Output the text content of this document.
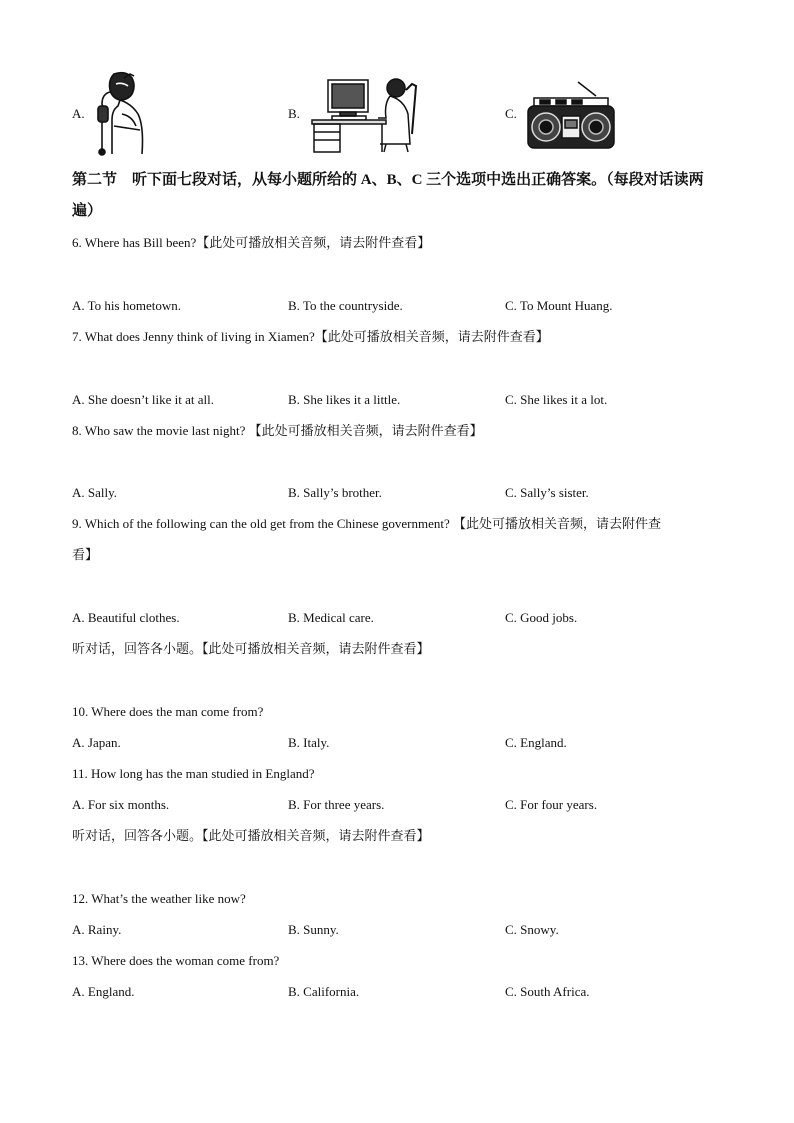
A.	B.	C.
第二节　听下面七段对话，从每小题所给的 A、B、C 三个选项中选出正确答案。（每段对话读两遍）
6. Where has Bill been?【此处可播放相关音频，请去附件查看】
A. To his hometown.	B. To the countryside.	C. To Mount Huang.
7. What does Jenny think of living in Xiamen?【此处可播放相关音频，请去附件查看】
A. She doesn’t like it at all.	B. She likes it a little.	C. She likes it a lot.
8. Who saw the movie last night? 【此处可播放相关音频，请去附件查看】
A. Sally.	B. Sally’s brother.	C. Sally’s sister.
9. Which of the following can the old get from the Chinese government? 【此处可播放相关音频，请去附件查
看】
A. Beautiful clothes.	B. Medical care.	C. Good jobs.
听对话，回答各小题。【此处可播放相关音频，请去附件查看】
10. Where does the man come from?
A. Japan.	B. Italy.	C. England.
11. How long has the man studied in England?
A. For six months.	B. For three years.	C. For four years.
听对话，回答各小题。【此处可播放相关音频，请去附件查看】
12. What’s the weather like now?
A. Rainy.	B. Sunny.	C. Snowy.
13. Where does the woman come from?
A. England.	B. California.	C. South Africa.
